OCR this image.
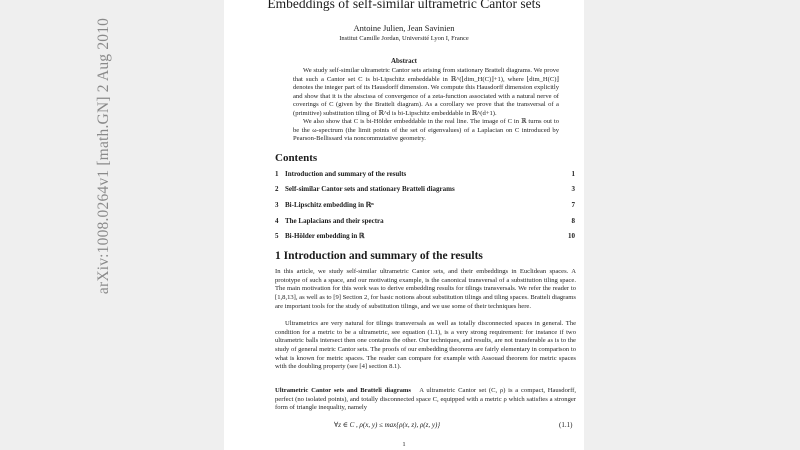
arXiv:1008.0264v1 [math.GN] 2 Aug 2010
Embeddings of self-similar ultrametric Cantor sets
Antoine Julien, Jean Savinien
Institut Camille Jordan, Université Lyon I, France
Abstract

We study self-similar ultrametric Cantor sets arising from stationary Bratteli diagrams. We prove that such a Cantor set C is bi-Lipschitz embeddable in ℝ^(⌊dim_H(C)⌋+1), where ⌊dim_H(C)⌋ denotes the integer part of its Hausdorff dimension. We compute this Hausdorff dimension explicitly and show that it is the abscissa of convergence of a zeta-function associated with a natural nerve of coverings of C (given by the Bratteli diagram). As a corollary we prove that the transversal of a (primitive) substitution tiling of ℝ^d is bi-Lipschitz embeddable in ℝ^(d+1).

We also show that C is bi-Hölder embeddable in the real line. The image of C in ℝ turns out to be the ω-spectrum (the limit points of the set of eigenvalues) of a Laplacian on C introduced by Pearson-Bellissard via noncommutative geometry.

Contents
1 Introduction and summary of the results	1
2 Self-similar Cantor sets and stationary Bratteli diagrams	3
3 Bi-Lipschitz embedding in ℝⁿ	7
4 The Laplacians and their spectra	8
5 Bi-Hölder embedding in ℝ	10
1 Introduction and summary of the results

In this article, we study self-similar ultrametric Cantor sets, and their embeddings in Euclidean spaces. A prototype of such a space, and our motivating example, is the canonical transversal of a substitution tiling space. The main motivation for this work was to derive embedding results for tilings transversals. We refer the reader to [1,8,13], as well as to [9] Section 2, for basic notions about substitution tilings and tiling spaces. Bratteli diagrams are important tools for the study of substitution tilings, and we use some of their techniques here.

Ultrametrics are very natural for tilings transversals as well as totally disconnected spaces in general. The condition for a metric to be a ultrametric, see equation (1.1), is a very strong requirement: for instance if two ultrametric balls intersect then one contains the other. Our techniques, and results, are not transferable as is to the study of general metric Cantor sets. The proofs of our embedding theorems are fairly elementary in comparison to what is known for metric spaces. The reader can compare for example with Assouad theorem for metric spaces with the doubling property (see [4] section 8.1).

Ultrametric Cantor sets and Bratteli diagrams A ultrametric Cantor set (C, ρ) is a compact, Hausdorff, perfect (no isolated points), and totally disconnected space C, equipped with a metric ρ which satisfies a stronger form of triangle inequality, namely

∀z ∈ C , ρ(x, y) ≤ max{ρ(x, z), ρ(z, y)}	(1.1)
1
